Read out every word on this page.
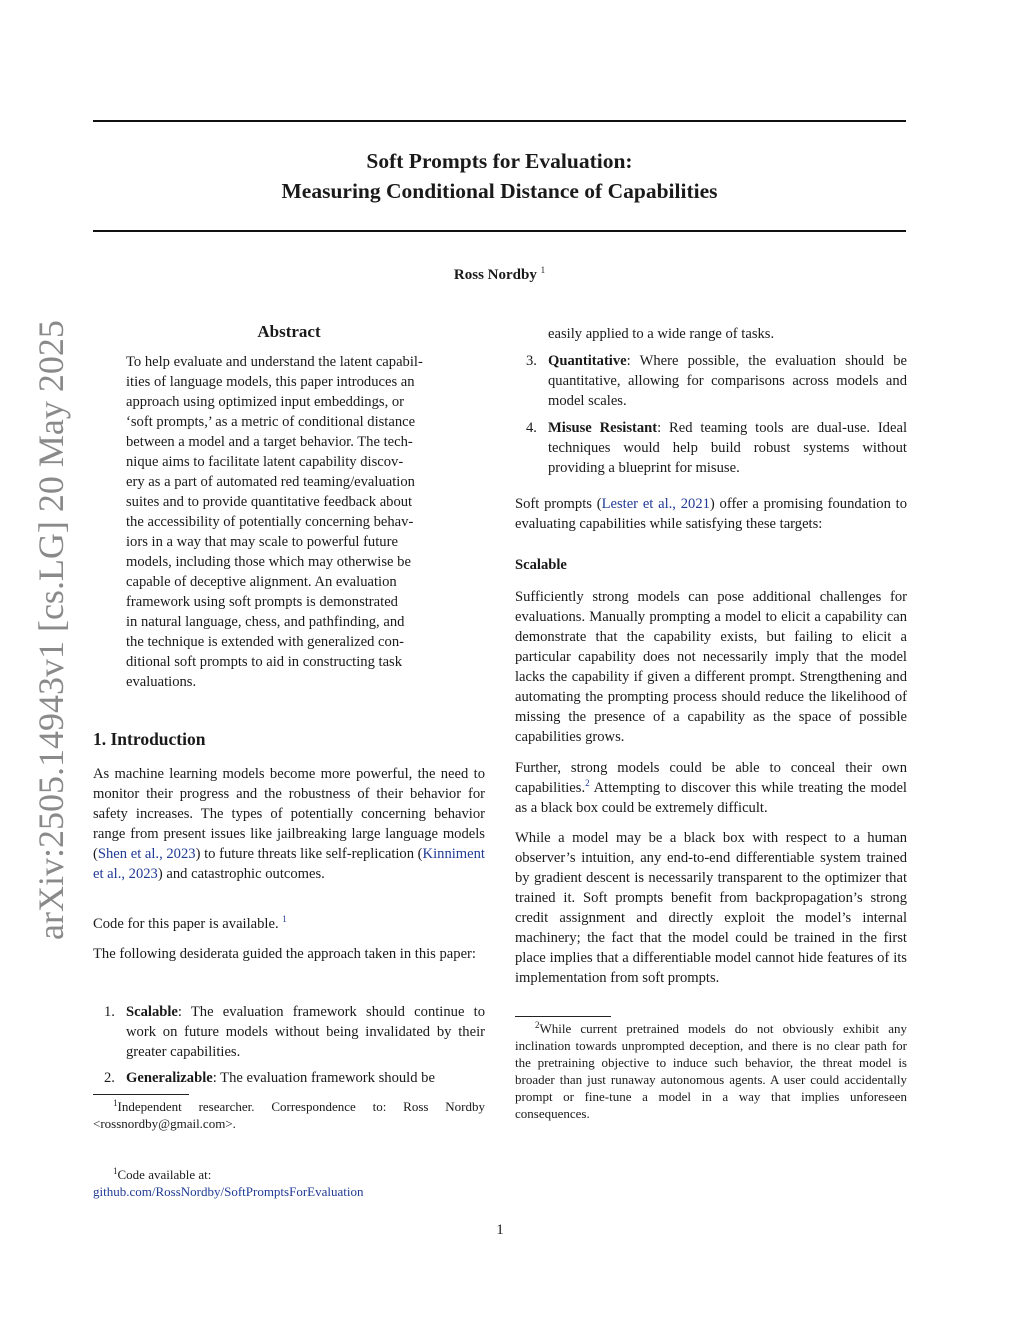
Soft Prompts for Evaluation:
Measuring Conditional Distance of Capabilities
Ross Nordby $^1$
arXiv:2505.14943v1 [cs.LG] 20 May 2025	Abstract
To help evaluate and understand the latent capabil-
ities of language models, this paper introduces an
approach using optimized input embeddings, or
‘soft prompts,’ as a metric of conditional distance
between a model and a target behavior. The tech-
nique aims to facilitate latent capability discov-
ery as a part of automated red teaming/evaluation
suites and to provide quantitative feedback about
the accessibility of potentially concerning behav-
iors in a way that may scale to powerful future
models, including those which may otherwise be
capable of deceptive alignment. An evaluation
framework using soft prompts is demonstrated
in natural language, chess, and pathfinding, and
the technique is extended with generalized con-
ditional soft prompts to aid in constructing task
evaluations.
1. Introduction

As machine learning models become more powerful, the need to monitor their progress and the robustness of their behavior for safety increases. The types of potentially concerning behavior range from present issues like jailbreaking large language models (Shen et al., 2023) to future threats like self-replication (Kinniment et al., 2023) and catastrophic outcomes.

Code for this paper is available. $^1$

The following desiderata guided the approach taken in this paper:

1. Scalable: The evaluation framework should continue to work on future models without being invalidated by their greater capabilities.
2. Generalizable: The evaluation framework should be
$^1$Independent researcher. Correspondence to: Ross Nordby <rossnordby@gmail.com>.
$^1$Code available at:
github.com/RossNordby/SoftPromptsForEvaluation
easily applied to a wide range of tasks.
3. Quantitative: Where possible, the evaluation should be quantitative, allowing for comparisons across models and model scales.
4. Misuse Resistant: Red teaming tools are dual-use. Ideal techniques would help build robust systems without providing a blueprint for misuse.

Soft prompts (Lester et al., 2021) offer a promising foundation to evaluating capabilities while satisfying these targets:

Scalable

Sufficiently strong models can pose additional challenges for evaluations. Manually prompting a model to elicit a capability can demonstrate that the capability exists, but failing to elicit a particular capability does not necessarily imply that the model lacks the capability if given a different prompt. Strengthening and automating the prompting process should reduce the likelihood of missing the presence of a capability as the space of possible capabilities grows.

Further, strong models could be able to conceal their own capabilities.$^2$ Attempting to discover this while treating the model as a black box could be extremely difficult.

While a model may be a black box with respect to a human observer’s intuition, any end-to-end differentiable system trained by gradient descent is necessarily transparent to the optimizer that trained it. Soft prompts benefit from backpropagation’s strong credit assignment and directly exploit the model’s internal machinery; the fact that the model could be trained in the first place implies that a differentiable model cannot hide features of its implementation from soft prompts.

$^2$While current pretrained models do not obviously exhibit any inclination towards unprompted deception, and there is no clear path for the pretraining objective to induce such behavior, the threat model is broader than just runaway autonomous agents. A user could accidentally prompt or fine-tune a model in a way that implies unforeseen consequences.
1
